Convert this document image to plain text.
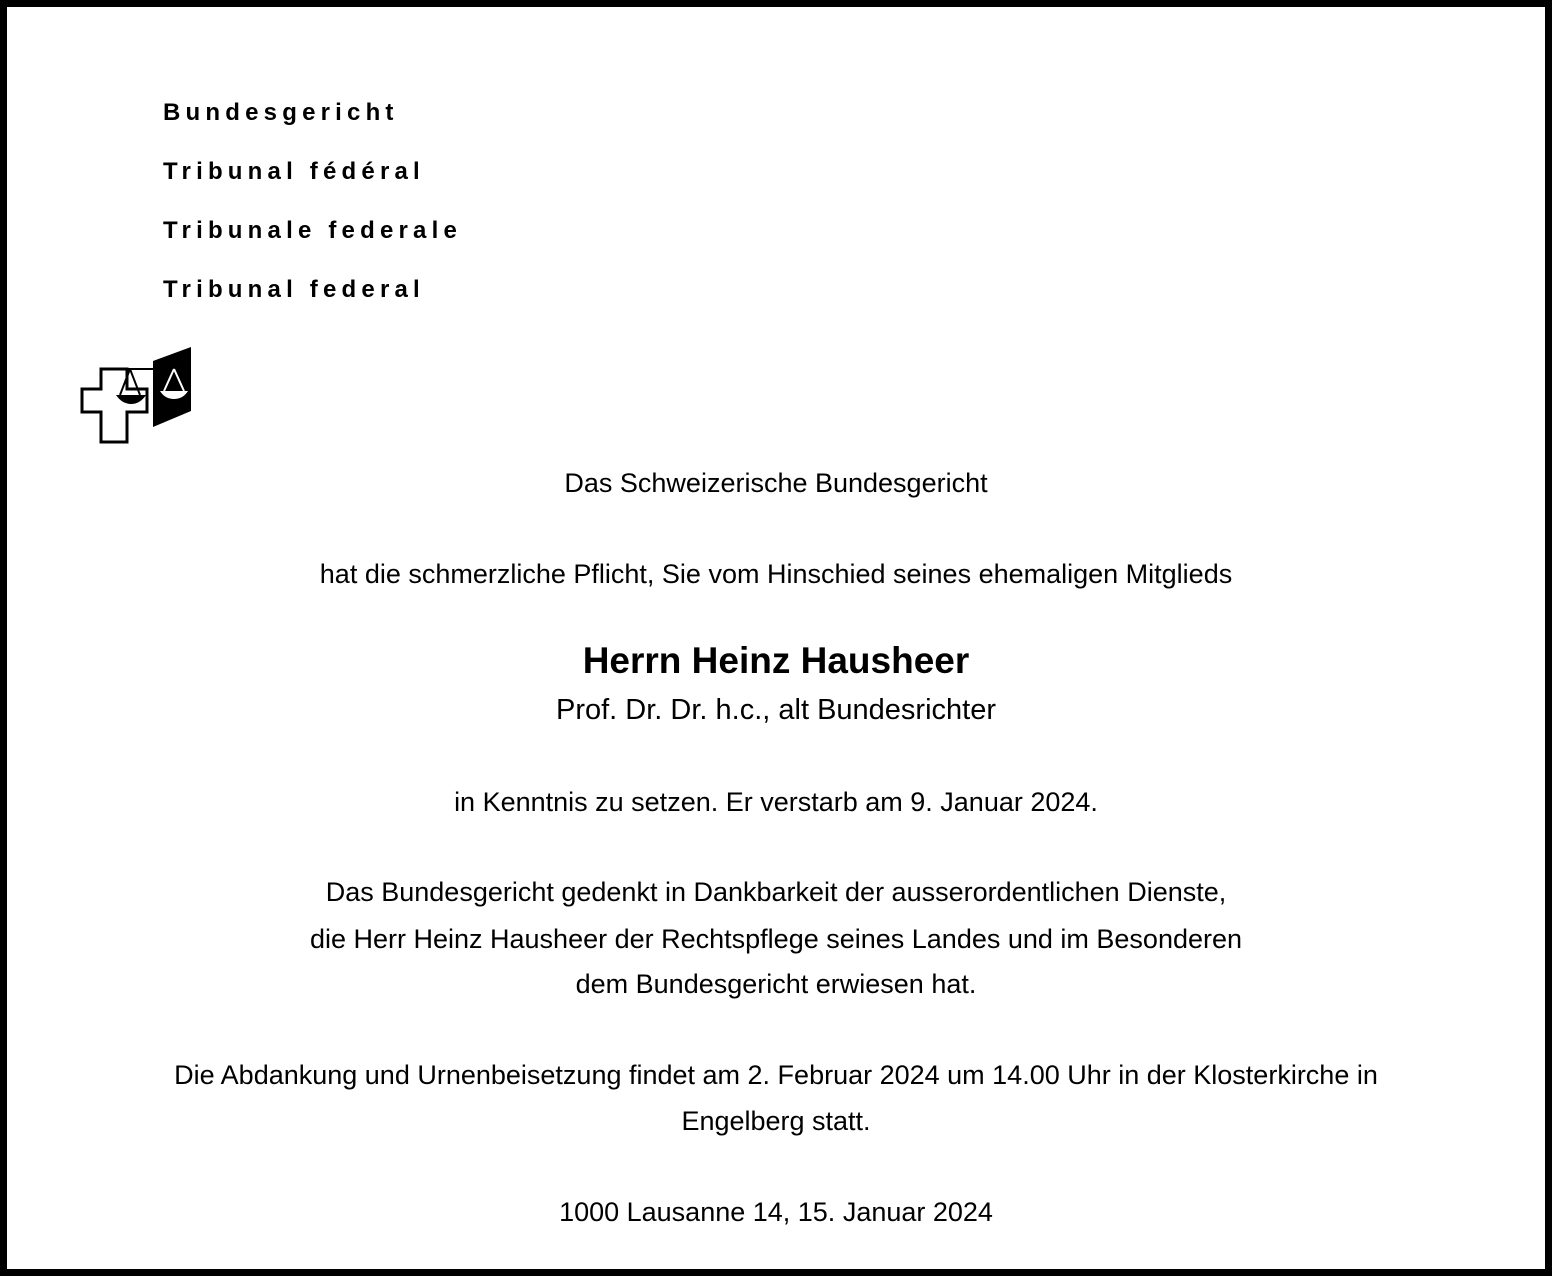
Bundesgericht
Tribunal fédéral
Tribunale federale
Tribunal federal
Das Schweizerische Bundesgericht
hat die schmerzliche Pflicht, Sie vom Hinschied seines ehemaligen Mitglieds
Herrn Heinz Hausheer
Prof. Dr. Dr. h.c., alt Bundesrichter
in Kenntnis zu setzen. Er verstarb am 9. Januar 2024.
Das Bundesgericht gedenkt in Dankbarkeit der ausserordentlichen Dienste,
die Herr Heinz Hausheer der Rechtspflege seines Landes und im Besonderen
dem Bundesgericht erwiesen hat.
Die Abdankung und Urnenbeisetzung findet am 2. Februar 2024 um 14.00 Uhr in der Klosterkirche in
Engelberg statt.
1000 Lausanne 14, 15. Januar 2024
